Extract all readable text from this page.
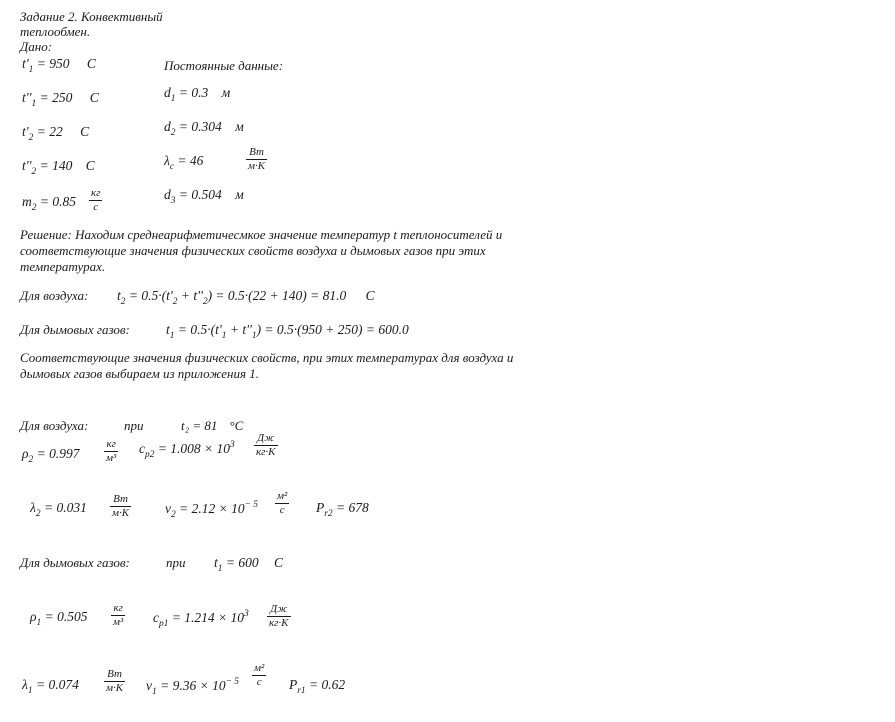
Задание 2. Конвективный
теплообмен.
Дано:
$t'_1 = 950$ C
$t''_1 = 250$ C
$t'_2 = 22$ C
$t''_2 = 140$ C
$m_2 = 0.85$
кг
с
Постоянные данные:
$d_1 = 0.3$ м
$d_2 = 0.304$ м
$\lambda_c = 46$
Вт
м·K
$d_3 = 0.504$ м
Решение: Находим среднеарифметичесмкое значение температур t теплоносителей и
соответствующие значения физических свойств воздуха и дымовых газов при этих
температурах.
Для воздуха: $t_2 = 0.5\cdot(t'_2 + t''_2) = 0.5\cdot(22 + 140) = 81.0$ C
Для дымовых газов:	$t_1 = 0.5\cdot(t'_1 + t''_1) = 0.5\cdot(950 + 250) = 600.0$
Соответствующие значения физических свойств, при этих температурах для воздуха и
дымовых газов выбираем из приложения 1.
Для воздуха:	при	t₂ = 81 °C
$\rho_2 = 0.997$
кг
м³
$c_{p2} = 1.008 \times 10^3$
Дж
кг·K
$\lambda_2 = 0.031$
Вт
м·K	$\nu_2 = 2.12 \times 10^{- 5}$
м²
с	$P_{r2} = 678$
Для дымовых газов:	при $t_1 = 600$ C
$\rho_1 = 0.505$
кг
м³ $c_{p1} = 1.214 \times 10^3$ Дж
кг·K
$\lambda_1 = 0.074$
Вт
м·K $\nu_1 = 9.36 \times 10^{- 5}$
м²
с	$P_{r1} = 0.62$
